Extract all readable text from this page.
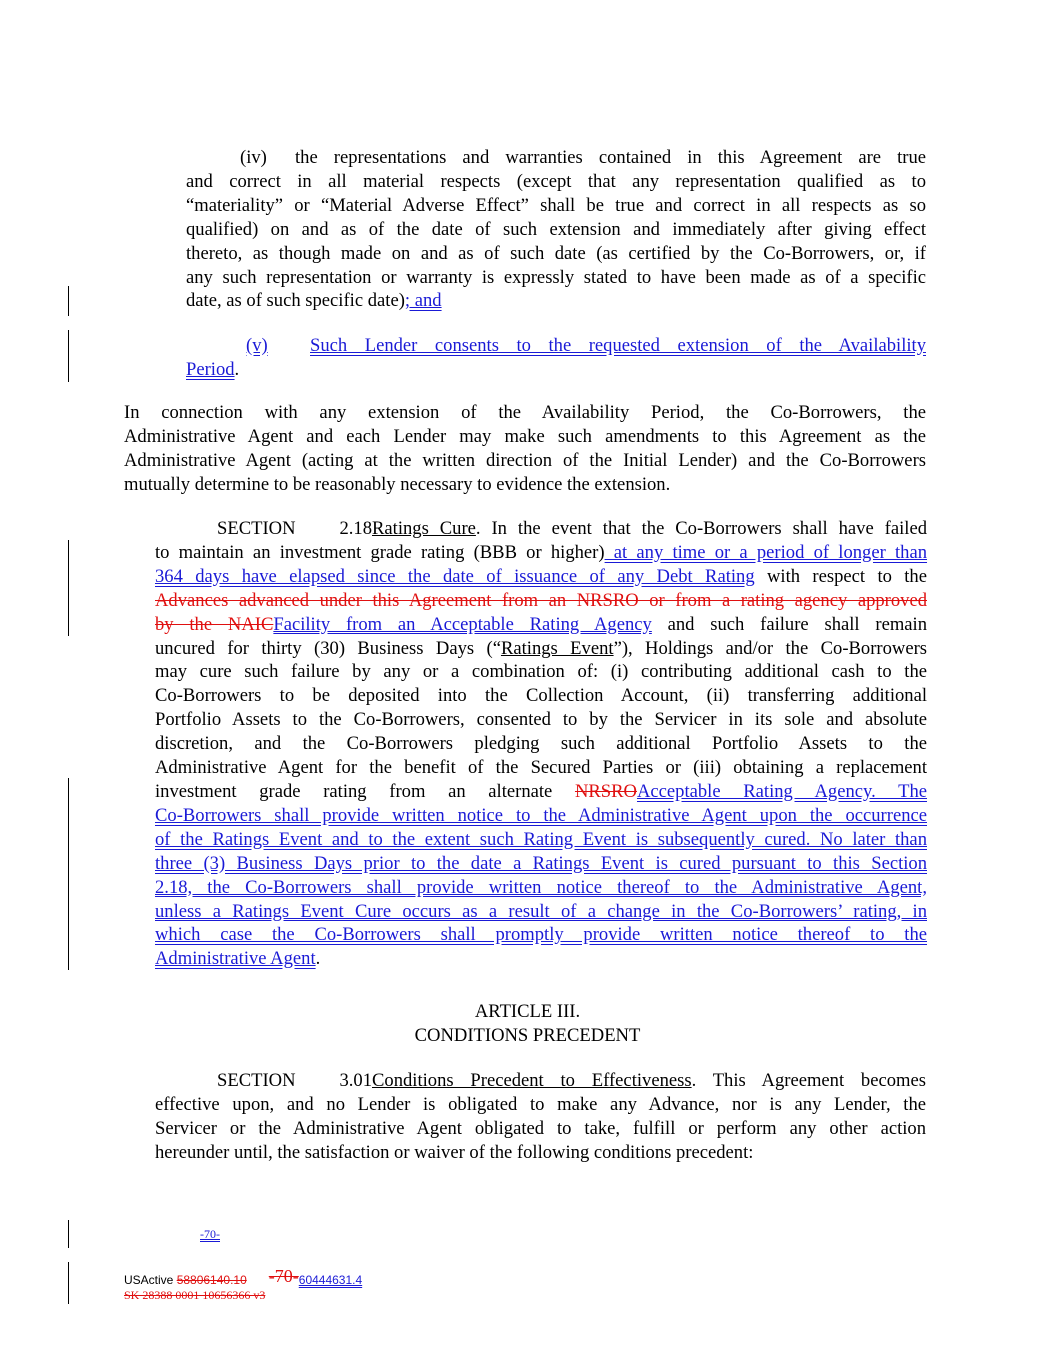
(iv) the representations and warranties contained in this Agreement are true
and correct in all material respects (except that any representation qualified as to
“materiality” or “Material Adverse Effect” shall be true and correct in all respects as so
qualified) on and as of the date of such extension and immediately after giving effect
thereto, as though made on and as of such date (as certified by the Co-Borrowers, or, if
any such representation or warranty is expressly stated to have been made as of a specific
date, as of such specific date); and
(v) Such Lender consents to the requested extension of the Availability
Period.
In connection with any extension of the Availability Period, the Co-Borrowers, the
Administrative Agent and each Lender may make such amendments to this Agreement as the
Administrative Agent (acting at the written direction of the Initial Lender) and the Co-Borrowers
mutually determine to be reasonably necessary to evidence the extension.
SECTION 2.18Ratings Cure. In the event that the Co-Borrowers shall have failed
to maintain an investment grade rating (BBB or higher) at any time or a period of longer than
364 days have elapsed since the date of issuance of any Debt Rating with respect to the
Advances advanced under this Agreement from an NRSRO or from a rating agency approved
by the NAICFacility from an Acceptable Rating Agency and such failure shall remain
uncured for thirty (30) Business Days (“Ratings Event”), Holdings and/or the Co-Borrowers
may cure such failure by any or a combination of: (i) contributing additional cash to the
Co-Borrowers to be deposited into the Collection Account, (ii) transferring additional
Portfolio Assets to the Co-Borrowers, consented to by the Servicer in its sole and absolute
discretion, and the Co-Borrowers pledging such additional Portfolio Assets to the
Administrative Agent for the benefit of the Secured Parties or (iii) obtaining a replacement
investment grade rating from an alternate NRSROAcceptable Rating Agency. The
Co-Borrowers shall provide written notice to the Administrative Agent upon the occurrence
of the Ratings Event and to the extent such Rating Event is subsequently cured. No later than
three (3) Business Days prior to the date a Ratings Event is cured pursuant to this Section
2.18, the Co-Borrowers shall provide written notice thereof to the Administrative Agent,
unless a Ratings Event Cure occurs as a result of a change in the Co-Borrowers’ rating, in
which case the Co-Borrowers shall promptly provide written notice thereof to the
Administrative Agent.
ARTICLE III.
CONDITIONS PRECEDENT
SECTION 3.01Conditions Precedent to Effectiveness. This Agreement becomes
effective upon, and no Lender is obligated to make any Advance, nor is any Lender, the
Servicer or the Administrative Agent obligated to take, fulfill or perform any other action
hereunder until, the satisfaction or waiver of the following conditions precedent:
-70-
USActive 58806140.10 -70-60444631.4
SK 28388 0001 10656366 v3
